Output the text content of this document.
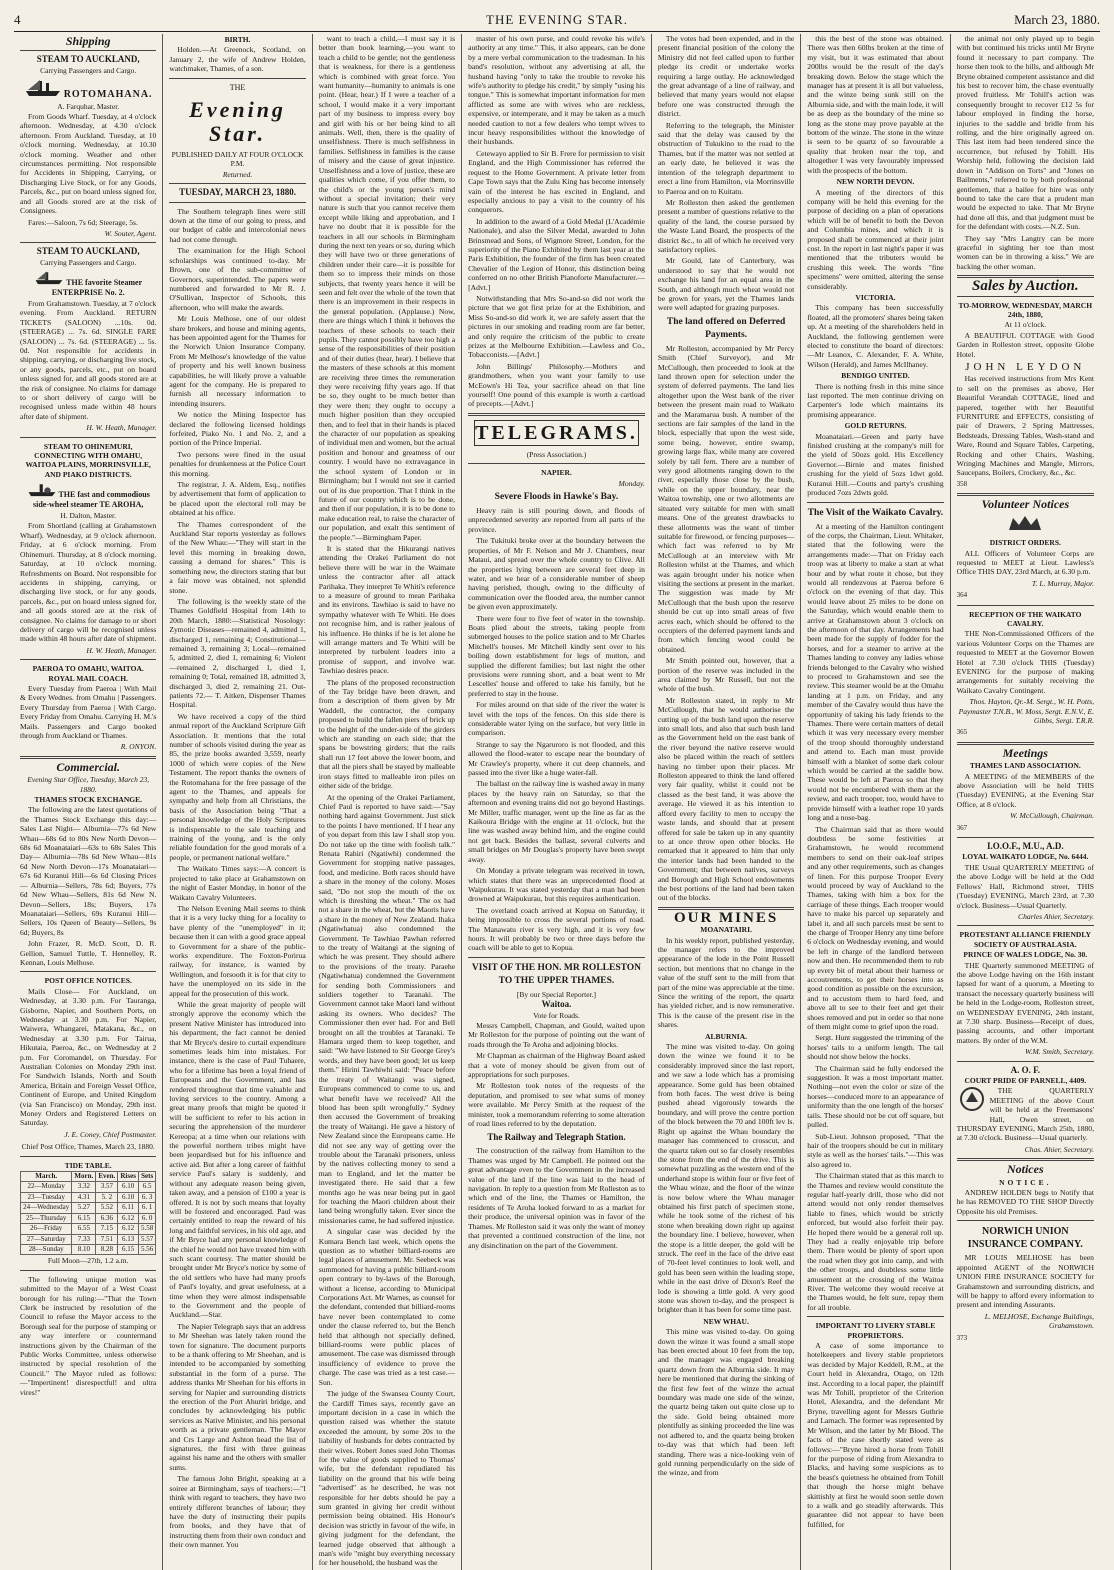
4	THE EVENING STAR.	March 23, 1880.
Shipping
STEAM TO AUCKLAND,
Carrying Passengers and Cargo.
ROTOMAHANA.
A. Farquhar, Master.

From Goods Wharf. Tuesday, at 4 o'clock afternoon. Wednesday, at 4.30 o'clock afternoon. From Auckland. Tuesday, at 10 o'clock morning. Wednesday, at 10.30 o'clock morning. Weather and other circumstances permitting. Not responsible for Accidents in Shipping, Carrying, or Discharging Live Stock, or for any Goods, Parcels, &c., put on board unless signed for, and all Goods stored are at the risk of Consignees.

Fares:—Saloon, 7s 6d; Steerage, 5s.

W. Souter, Agent.
STEAM TO AUCKLAND,
Carrying Passengers and Cargo.
THE favorite Steamer ENTERPRISE No. 2.

From Grahamstown. Tuesday, at 7 o'clock evening. From Auckland. RETURN TICKETS (SALOON) ...10s. 0d. (STEERAGE) ... 7s. 6d. SINGLE FARE (SALOON) ... 7s. 6d. (STEERAGE) ... 5s. 0d. Not responsible for accidents in shipping, carrying, or discharging live stock, or any goods, parcels, etc., put on board unless signed for, and all goods stored are at the risk of consignee. No claims for damage to or short delivery of cargo will be recognised unless made within 48 hours after date of shipment.

H. W. Heath, Manager.
STEAM TO OHINEMURI, CONNECTING WITH OMAHU, WAITOA PLAINS, MORRINSVILLE, AND PIAKO DISTRICTS.
THE fast and commodious side-wheel steamer TE AROHA,
H. Dalton, Master.

From Shortland (calling at Grahamstown Wharf). Wednesday, at 9 o'clock afternoon. Friday, at 6 o'clock morning. From Ohinemuri. Thursday, at 8 o'clock morning. Saturday, at 10 o'clock morning. Refreshments on Board. Not responsible for accidents in shipping, carrying, or discharging live stock, or for any goods, parcels, &c., put on board unless signed for, and all goods stored are at the risk of consignee. No claims for damage to or short delivery of cargo will be recognised unless made within 48 hours after date of shipment.

H. W. Heath, Manager.
PAEROA TO OMAHU, WAITOA. ROYAL MAIL COACH.

Every Tuesday from Paeroa | With Mail & Every Wednes. from Omahu | Passengers. Every Thursday from Paeroa | With Cargo. Every Friday from Omahu. Carrying H. M.'s Mails. Passengers and Cargo booked through from Auckland or Thames.

R. ONYON.
Commercial.
Evening Star Office, Tuesday, March 23, 1880.
THAMES STOCK EXCHANGE.

The following are the latest quotations of the Thames Stock Exchange this day:— Sales Last Night— Alburnia—77s 6d New Whau—68s 6d to 80s New North Devon—68s 6d Moanataiari—63s to 68s Sales This Day— Alburnia—78s 6d New Whau—81s 6d New North Devon—17s Moanataiari—67s 6d Kuranui Hill—6s 6d Closing Prices— Alburnia—Sellers, 78s 6d; Buyers, 77s 6d New Whau—Sellers, 81s 6d New N. Devon—Sellers, 18s; Buyers, 17s Moanataiari—Sellers, 69s Kuranui Hill—Sellers, 10s Queen of Beauty—Sellers, 9s 6d; Buyers, 8s

John Frazer, R. McD. Scott, D. R. Gellion, Samuel Tuttle, T. Hennelley, R. Kennan, Louis Melhose.

POST OFFICE NOTICES.

Mails Close— For Auckland, on Wednesday, at 3.30 p.m. For Tauranga, Gisborne, Napier, and Southern Ports, on Wednesday at 3.30 p.m. For Napier, Waiwera, Whangarei, Matakana, &c., on Wednesday at 3.30 p.m. For Tairua, Hikutaia, Paeroa, &c., on Wednesday at 2 p.m. For Coromandel, on Thursday. For Australian Colonies on Monday 29th inst. For Sandwich Islands, North and South America, Britain and Foreign Vessel Office, Continent of Europe, and United Kingdom (via San Francisco) on Monday, 29th inst. Money Orders and Registered Letters on Saturday.

J. E. Coney, Chief Postmaster.
Chief Post Office, Thames, March 23, 1880.
TIDE TABLE.
March.	Morn.	Even.	Rises	Sets
22—Monday	3.32	3.57	6.10	6.5
23—Tuesday	4.31	5. 2	6.10	6. 3
24—Wednesday	5.27	5.52	6.11	6. 1
25—Thursday	6.15	6.36	6.12	6. 0
26—Friday	6.55	7.15	6.12	5.58
27—Saturday	7.33	7.51	6.13	5.57
28—Sunday	8.10	8.28	6.15	5.56
Full Moon—27th, 1.2 a.m.

The following unique motion was submitted to the Mayor of a West Coast borough for his ruling:—"That the Town Clerk be instructed by resolution of the Council to refuse the Mayor access to the Borough seal for the purpose of stamping or any way interfere or countermand instructions given by the Chairman of the Public Works Committee, unless otherwise instructed by special resolution of the Council." The Mayor ruled as follows:—"Impertinent! disrespectful! and ultra vires!"

BIRTH.

Holden.—At Greenock, Scotland, on January 2, the wife of Andrew Holden, watchmaker, Thames, of a son.

THE
Evening Star.
PUBLISHED DAILY AT FOUR O'CLOCK P.M.
Returned.
TUESDAY, MARCH 23, 1880.

The Southern telegraph lines were still down at the time of our going to press, and our budget of cable and intercolonial news had not come through.

The examination for the High School scholarships was continued to-day. Mr Brown, one of the sub-committee of Governors, superintended. The papers were numbered and forwarded to Mr R. J. O'Sullivan, Inspector of Schools, this afternoon, who will make the awards.

Mr Louis Melhose, one of our oldest share brokers, and house and mining agents, has been appointed agent for the Thames for the Norwich Union Insurance Company. From Mr Melhose's knowledge of the value of property and his well known business capabilities, he will likely prove a valuable agent for the company. He is prepared to furnish all necessary information to intending insurers.

We notice the Mining Inspector has declared the following licensed holdings forfeited, Piako No. 1 and No. 2, and a portion of the Prince Imperial.

Two persons were fined in the usual penalties for drunkenness at the Police Court this morning.

The registrar, J. A. Aldem, Esq., notifies by advertisement that form of application to be placed upon the electoral roll may be obtained at his office.

The Thames correspondent of the Auckland Star reports yesterday as follows of the New Whau:—"They will start in the level this morning in breaking down, causing a demand for shares." This is something new, the directors stating that but a fair move was obtained, not splendid stone.

The following is the weekly state of the Thames Goldfield Hospital from 14th to 20th March, 1880:—Statistical Nosology: Zymotic Diseases—remained 4, admitted 1, discharged 1, remaining 4; Constitutional—remained 3, remaining 3; Local—remained 5, admitted 2, died 1, remaining 6; Violent—remained 2, discharged 1, died 1, remaining 0; Total, remained 18, admitted 3, discharged 3, died 2, remaining 21. Out-patients 72.— T. Aitken, Dispenser Thames Hospital.

We have received a copy of the third annual report of the Auckland Scripture Gift Association. It mentions that the total number of schools visited during the year as 85, the prize books awarded 3,559, nearly 1000 of which were copies of the New Testament. The report thanks the owners of the Rotomahana for the free passage of the agent to the Thames, and appeals for sympathy and help from all Christians, the basis of the Association being "That a personal knowledge of the Holy Scriptures is indispensable to the sale teaching and training of the young, and is the only reliable foundation for the good morals of a people, or permanent national welfare."

The Waikato Times says:—A concert is projected to take place at Grahamstown on the night of Easter Monday, in honor of the Waikato Cavalry Volunteers.

The Nelson Evening Mail seems to think that it is a very lucky thing for a locality to have plenty of the "unemployed" in it; because then it can with a good grace appeal to Government for a share of the public-works expenditure. The Foxton-Porirua railway, for instance, is wanted by Wellington, and forsooth it is for that city to have the unemployed on its side in the appeal for the prosecution of this work.

While the great majority of people will strongly approve the economy which the present Native Minister has introduced into his department, the fact cannot be denied that Mr Bryce's desire to curtail expenditure sometimes leads him into mistakes. For instance, there is the case of Paul Tuhaere, who for a lifetime has been a loyal friend of Europeans and the Government, and has rendered throughout that time valuable and loving services to the country. Among a great many proofs that might be quoted it will be sufficient to refer to his action in securing the apprehension of the murderer Kereopa; at a time when our relations with the powerful northern tribes might have been jeopardised but for his influence and active aid. But after a long career of faithful service Paul's salary is suddenly, and without any adequate reason being given, taken away, and a pension of £100 a year is offered. It is not by such means that loyalty will be fostered and encouraged. Paul was certainly entitled to reap the reward of his long and faithful services, in his old age, and if Mr Bryce had any personal knowledge of the chief he would not have treated him with such scant courtesy. The matter should be brought under Mr Bryce's notice by some of the old settlers who have had many proofs of Paul's loyalty, and great usefulness, at a time when they were almost indispensable to the Government and the people of Auckland.—Star.

The Napier Telegraph says that an address to Mr Sheehan was lately taken round the town for signature. The document purports to be a thank offering to Mr Sheehan, and is intended to be accompanied by something substantial in the form of a purse. The address thanks Mr Sheehan for his efforts in serving for Napier and surrounding districts the erection of the Port Ahuriri bridge, and concludes by acknowledging his public services as Native Minister, and his personal worth as a private gentleman. The Mayor and Crs Large and Ashton head the list of signatures, the first with three guineas against his name and the others with smaller sums.

The famous John Bright, speaking at a soiree at Birmingham, says of teachers:—"I think with regard to teachers, they have two entirely different branches of labour; they have the duty of instructing their pupils from books, and they have that of instructing them from their own conduct and their own manner. You

want to teach a child,—I must say it is better than book learning,—you want to teach a child to be gentle; not the gentleness that is weakness, for there is a gentleness which is combined with great force. You want humanity—humanity to animals is one point. (Hear, hear.) If I were a teacher of a school, I would make it a very important part of my business to impress every boy and girl with his or her being kind to all animals. Well, then, there is the quality of unselfishness. There is much selfishness in families. Selfishness in families is the cause of misery and the cause of great injustice. Unselfishness and a love of justice, these are qualities which come, if you offer them, to the child's or the young person's mind without a special invitation; their very nature is such that you cannot receive them except while liking and approbation, and I have no doubt that it is possible for the teachers in all our schools in Birmingham during the next ten years or so, during which they will have two or three generations of children under their care—it is possible for them so to impress their minds on those subjects, that twenty years hence it will be seen and felt over the whole of the town that there is an improvement in their respects in the general population. (Applause.) Now, there are things which I think it behoves the teachers of these schools to teach their pupils. They cannot possibly have too high a sense of the responsibilities of their position and of their duties (hear, hear). I believe that the masters of these schools at this moment are receiving three times the remuneration they were receiving fifty years ago. If that be so, they ought to be much better than they were then; they ought to occupy a much higher position than they occupied then, and to feel that in their hands is placed the character of our population as speaking of individual men and women, but the actual position and honour and greatness of our country. I would have no extravagance in the school system of London or in Birmingham; but I would not see it carried out of its due proportion. That I think in the future of our country which is to be done, and then if our population, it is to be done to make education real, to raise the character of our population, and exalt this sentiment of the people."—Birmingham Paper.

It is stated that the Hikurangi natives attending the Orakei Parliament do not believe there will be war in the Waimate unless the contractor after all attack Parihaka. They interpret Te Whiti's reference to a measure of ground to mean Parihaka and its environs. Tawhiao is said to have no sympathy whatever with Te Whiti. He does not recognise him, and is rather jealous of his influence. He thinks if he is let alone he will arrange matters and Te Whiti will be interpreted by turbulent leaders into a promise of support, and involve war. Tawhiao desires peace.

The plans of the proposed reconstruction of the Tay bridge have been drawn, and from a description of them given by Mr Waddell, the contractor, the company proposed to build the fallen piers of brick up to the height of the under-side of the girders which are standing on each side; that the spans be bowstring girders; that the rails shall run 17 feet above the lower boom, and that all the piers shall be stayed by malleable iron stays fitted to malleable iron piles on either side of the bridge.

At the opening of the Orakei Parliament, Chief Paul is reported to have said:—"Say nothing hard against Government. Just stick to the points I have mentioned. If I hear any of you depart from this law I shall stop you. Do not take up the time with foolish talk." Renata Rahiri (Ngatiwhi) condemned the Government for stopping native passages, food, and medicine. Both races should have a share in the money of the colony. Moses said, "Do not stop the mouth of the ox which is threshing the wheat." The ox had not a share in the wheat, but the Maoris have a share in the money of New Zealand. Ihaka (Ngatiwhatua) also condemned the Government. Te Tawhiao Pawhan referred to the treaty of Waitangi at the signing of which he was present. They should adhere to the provisions of the treaty. Paraehe (Ngatiwhatua) condemned the Government for sending both Commissioners and soldiers together to Taranaki. The Government cannot take Maori land without asking its owners. Who decides? The Commissioner then ever had. For and Bell brought on all the troubles at Taranaki. Te Hamara urged them to keep together, and said: "We have listened to Sir George Grey's words, and they have been good; let us keep them." Hirini Tawhiwhi said: "Peace before the treaty of Waitangi was signed, Europeans commenced to come to us, and what benefit have we received? All the blood has been spilt wrongfully." Sydney then accused the Government of breaking the treaty of Waitangi. He gave a history of New Zealand since the Europeans came. He did not see any way of getting over the trouble about the Taranaki prisoners, unless by the natives collecting money to send a man to England, and let the matter be investigated there. He said that a few months ago he was near being put in gaol for teaching the Maori children about their land being wrongfully taken. Ever since the missionaries came, he had suffered injustice.

A singular case was decided by the Kumara Bench last week, which opens the question as to whether billiard-rooms are legal places of amusement. Mr. Seebeck was summoned for having a public billiard-room open contrary to by-laws of the Borough, without a license, according to Municipal Corporations Act. Mr Warnes, as counsel for the defendant, contended that billiard-rooms have never been contemplated to come under the clause referred to, but the Bench held that although not specially defined, billiard-rooms were public places of amusement. The case was dismissed through insufficiency of evidence to prove the charge. The case was tried as a test case.—Sun.

The judge of the Swansea County Court, the Cardiff Times says, recently gave an important decision in a case in which the question raised was whether the statute exceeded the amount, by some 20s to the liability of husbands for debts contracted by their wives. Robert Jones sued John Thomas for the value of goods supplied to Thomas' wife, but the defendant repudiated his liability on the ground that his wife being "advertised" as he described, he was not responsible for her debts should he pay a sum granted in giving her credit without permission being obtained. His Honour's decision was strictly in favour of the wife, in giving judgment for the defendant, the learned judge observed that although a man's wife "might buy everything necessary for her household, the husband was the

master of his own purse, and could revoke his wife's authority at any time." This, it also appears, can be done by a mere verbal communication to the tradesman. In his band's resolution, without any advertising at all, the husband having "only to take the trouble to revoke his wife's authority to pledge his credit," by simply "using his tongue." This is somewhat important information for men afflicted as some are with wives who are reckless, expensive, or intemperate, and it may be taken as a much needed caution to not a few dealers who tempt wives to incur heavy responsibilities without the knowledge of their husbands.

Cetewayo applied to Sir B. Frere for permission to visit England, and the High Commissioner has referred the request to the Home Government. A private letter from Cape Town says that the Zulu King has become intensely vain of the interest he has excited in England, and especially anxious to pay a visit to the country of his conquerors.

In addition to the award of a Gold Medal (L'Académie Nationale), and also the Silver Medal, awarded to John Brinsmead and Sons, of Wigmore Street, London, for the superiority of the Piano Exhibited by them last year at the Paris Exhibition, the founder of the firm has been created Chevalier of the Legion of Honor, this distinction being conferred on no other British Pianoforte Manufacturer.—[Advt.]

Notwithstanding that Mrs So-and-so did not work the picture that we got first prize for at the Exhibition, and Miss So-and-so did work it, we are safely assert that the pictures in our smoking and reading room are far better, and only require the criticism of the public to create prizes at the Melbourne Exhibition.—Lawless and Co., Tobacconists.—[Advt.]

John Billings' Philosophy.—Mothers and grandmothers, when you want your family to use McEown's Hi Tea, your sacrifice ahead on that line yourself! One pound of this example is worth a cartload of precepts.—[Advt.]

TELEGRAMS.
(Press Association.)
NAPIER.
Monday.
Severe Floods in Hawke's Bay.

Heavy rain is still pouring down, and floods of unprecedented severity are reported from all parts of the province.

The Tukituki broke over at the boundary between the properties, of Mr F. Nelson and Mr J. Chambers, near Mataui, and spread over the whole country to Clive. All the properties lying between are several feet deep in water, and we hear of a considerable number of sheep having perished, though, owing to the difficulty of communication over the flooded area, the number cannot be given even approximately.

There were four to five feet of water in the township. Boats plied about the streets, taking people from submerged houses to the police station and to Mr Charles Mitchell's houses. Mr Mitchell kindly sent over to his boiling down establishment for legs of mutton, and supplied the different families; but last night the other provisions were running short, and a boat went to Mr Lescelles' house and offered to take his family, but he preferred to stay in the house.

For miles around on that side of the river the water is level with the tops of the fences. On this side there is considerable water lying on the surface, but very little in comparison.

Strange to say the Ngaruroro is not flooded, and this allowed the flood-water to escape near the boundary of Mr Crawley's property, where it cut deep channels, and passed into the river like a huge water-fall.

The ballast on the railway line is washed away in many places by the heavy rain on Saturday, so that the afternoon and evening trains did not go beyond Hastings. Mr Miller, traffic manager, went up the line as far as the Kaikoura Bridge with the engine at 11 o'clock, but the line was washed away behind him, and the engine could not get back. Besides the ballast, several culverts and small bridges on Mr Douglas's property have been swept away.

On Monday a private telegram was received in town, which states that there was an unprecedented flood at Waipukurau. It was stated yesterday that a man had been drowned at Waipukurau, but this requires authentication.

The overland coach arrived at Kopua on Saturday, it being impossible to cross the several portions of road. The Manawatu river is very high, and it is very few hours. It will probably be two or three days before the coach will be able to get to Kopua.

VISIT OF THE HON. MR ROLLESTON TO THE UPPER THAMES.
[By our Special Reporter.]
Waitoa.
Vote for Roads.

Messrs Campbell, Chapman, and Gould, waited upon Mr Rolleston for the purpose of pointing out the want of roads through the Te Aroha and adjoining blocks.

Mr Chapman as chairman of the Highway Board asked that a vote of money should be given from out of appropriations for such purposes.

Mr Rolleston took notes of the requests of the deputation, and promised to see what sums of money were available. Mr Percy Smith at the request of the minister, took a memorandum referring to some alteration of road lines referred to by the deputation.

The Railway and Telegraph Station.

The construction of the railway from Hamilton to the Thames was urged by Mr Campbell. He pointed out the great advantage even to the Government in the increased value of the land if the line was laid to the head of navigation. In reply to a question from Mr Rolleston as to which end of the line, the Thames or Hamilton, the residents of Te Aroha looked forward to as a market for their produce, the universal opinion was in favor of the Thames. Mr Rolleston said it was only the want of money that prevented a continued construction of the line, not any disinclination on the part of the Government.

The votes had been expended, and in the present financial position of the colony the Ministry did not feel called upon to further pledge its credit or undertake works requiring a large outlay. He acknowledged the great advantage of a line of railway, and believed that many years would not elapse before one was constructed through the district.

Referring to the telegraph, the Minister said that the delay was caused by the obstruction of Tukukino to the road to the Thames, but if the matter was not settled at an early date, he believed it was the intention of the telegraph department to erect a line from Hamilton, via Morrinsville to Paeroa and on to Kuitatu.

Mr Rolleston then asked the gentlemen present a number of questions relative to the quality of the land, the course pursued by the Waste Land Board, the prospects of the district &c., to all of which he received very satisfactory replies.

Mr Gould, late of Canterbury, was understood to say that he would not exchange his land for an equal area in the South, and although much wheat would not be grown for years, yet the Thames lands were well adapted for grazing purposes.

The land offered on Deferred Payments.

Mr Rolleston, accompanied by Mr Percy Smith (Chief Surveyor), and Mr McCullough, then proceeded to look at the land thrown open for selection under the system of deferred payments. The land lies altogether upon the West bank of the river between the present main road to Waikato and the Maramarua bush. A number of the sections are fair samples of the land in the block, especially that upon the west side, some being, however, entire swamp, growing large flax, while many are covered solely by tall fern. There are a number of very good allotments ranging down to the river, especially those close by the bush, while on the upper boundary, near the Waitoa township, one or two allotments are situated very suitable for men with small means. One of the greatest drawbacks to these allotments was the want of timber suitable for firewood, or fencing purposes—which fact was referred to by Mr McCullough at an interview with Mr Rolleston whilst at the Thames, and which was again brought under his notice when visiting the sections at present in the market. The suggestion was made by Mr McCullough that the bush upon the reserve should be cut up into small areas of five acres each, which should be offered to the occupiers of the deferred payment lands and from which fencing wood could be obtained.

Mr Smith pointed out, however, that a portion of the reserve was included in the area claimed by Mr Russell, but not the whole of the bush.

Mr Rolleston stated, in reply to Mr McCullough, that he would authorise the cutting up of the bush land upon the reserve into small lots, and also that such bush land as the Government held on the east bank of the river beyond the native reserve would also be placed within the reach of settlers having no timber upon their places. Mr Rolleston appeared to think the land offered very fair quality, whilst it could not be classed as the best land, it was above the average. He viewed it as his intention to afford every facility to men to occupy the waste lands, and should that at present offered for sale be taken up in any quantity to at once throw open other blocks. He remarked that it appeared to him that only the interior lands had been handed to the Government; that between natives, surveys and Borough and High School endowments the best portions of the land had been taken out of the blocks.

OUR MINES
MOANATAIRI.

In his weekly report, published yesterday, the manager refers to the improved appearance of the lode in the Point Russell section, but mentions that no change in the value of the stuff sent to the mill from that part of the mine was appreciable at the time. Since the writing of the report, the quartz has yielded richer, and is now remunerative. This is the cause of the present rise in the shares.

ALBURNIA.

The mine was visited to-day. On going down the winze we found it to be considerably improved since the last report, and we saw a lode which has a promising appearance. Some gold has been obtained from both faces. The west drive is being pushed ahead vigorously towards the boundary, and will prove the centre portion of the block between the 70 and 100ft lev ls. Right up against the Whau boundary the manager has commenced to crosscut, and the quartz taken out so far closely resembles the stone from the end of the drive. This is somewhat puzzling as the western end of the underhand stope is within four or five feet of the Whau winze, and the floor of the winze is now below where the Whau manager obtained his first patch of specimen stone, while he took some of the richest of his stone when breaking down right up against the boundary line. I believe, however, when the stope is a little deeper, the gold will be struck. The reef in the face of the drive east of 70-feet level continues to look well, and gold has been seen within the leading stope, while in the east drive of Dixon's Reef the lode is showing a little gold. A very good stone was shown to-day, and the prospect is brighter than it has been for some time past.

NEW WHAU.

This mine was visited to-day. On going down the winze it was found a small stope has been erected about 10 feet from the top, and the manager was engaged breaking quartz down from the Alburnia side. It may here be mentioned that during the sinking of the first few feet of the winze the actual boundary was made one side of the winze, the quartz being taken out quite close up to the side. Gold being obtained more plentifully as sinking proceeded the line was not adhered to, and the quartz being broken to-day was that which had been left standing. There was a nice-looking vein of gold running perpendicularly on the side of the winze, and from

this the best of the stone was obtained. There was then 60lbs broken at the time of my visit, but it was estimated that about 200lbs would be the result of the day's breaking down. Below the stage which the manager has at present it is all but valueless, and the winze being sunk still on the Alburnia side, and with the main lode, it will be as deep as the boundary of the mine so long as the stone may prove payable at the bottom of the winze. The stone in the winze is seen to be quartz of so favourable a quality that broken near the top, and altogether I was very favourably impressed with the prospects of the bottom.

NEW NORTH DEVON.

A meeting of the directors of this company will be held this evening for the purpose of deciding on a plan of operations which will be of benefit to both the Devon and Columbia mines, and which it is proposed shall be commenced at their joint cost. In the report in last night's paper it was mentioned that the tributers would be crushing this week. The words "fine specimens" were omitted, altering the sense considerably.

VICTORIA.

This company has been successfully floated, all the promoters' shares being taken up. At a meeting of the shareholders held in Auckland, the following gentlemen were elected to constitute the board of directors:—Mr Leanox, C. Alexander, F. A. White, Wilson (Herald), and James McIlhaney.

BENDIGO UNITED.

There is nothing fresh in this mine since last reported. The men continue driving on Carpenter's lode which maintains its promising appearance.

GOLD RETURNS.

Moanataiari.—Green and party have finished crushing at the company's mill for the yield of 50ozs gold. His Excellency Governor.—Birnie and mates finished crushing for the yield of 5ozs 1dwt gold. Kuranui Hill.—Coutts and party's crushing produced 7ozs 2dwts gold.

The Visit of the Waikato Cavalry.

At a meeting of the Hamilton contingent of the corps, the Chairman, Lieut. Whitaker, stated that the following were the arrangements made:—That on Friday each troop was at liberty to make a start at what hour and by what route it chose, but they would all rendezvous at Paeroa before 6 o'clock on the evening of that day. This would leave about 25 miles to be done on the Saturday, which would enable them to arrive at Grahamstown about 3 o'clock on the afternoon of that day. Arrangements had been made for the supply of fodder for the horses, and for a steamer to arrive at the Thames landing to convey any ladies whose friends belonged to the Cavalry who wished to proceed to Grahamstown and see the review. This steamer would be at the Omahu landing at 1 p.m. on Friday, and any member of the Cavalry would thus have the opportunity of taking his lady friends to the Thames. There were certain matters of detail which it was very necessary every member of the troop should thoroughly understand and attend to. Each man must provide himself with a blanket of some dark colour which would be carried at the saddle bow. These would be left at Paeroa so that they would not be encumbered with them at the review, and each trooper, too, would have to provide himself with a leather rope 10 yards long and a nose-bag.

The Chairman said that as there would doubtless be some festivities at Grahamstown, he would recommend members to send on their oak-leaf stripes and any other requirements, such as changes of linen. For this purpose Trooper Every would proceed by way of Auckland to the Thames, taking with him a box for the carriage of these things. Each trooper would have to make his parcel up separately and label it, and all such parcels must be sent to the charge of Trooper Henry any time before 6 o'clock on Wednesday evening, and would be left in charge of the landlord between now and then. He recommended them to rub up every bit of metal about their harness or accoutrements, to get their horses into as good condition as possible on the excursion, and to accustom them to hard feed, and above all to see to their feet and get their shoes removed and put in order so that none of them might come to grief upon the road.

Sergt. Hunt suggested the trimming of the horses' tails to a uniform length. The tail should not show below the hocks.

The Chairman said he fully endorsed the suggestion. It was a most important matter. Nothing—not even the color or size of the horses—conduced more to an appearance of uniformity than the one length of the horses' tails. These should not be cut off square, but pulled.

Sub-Lieut. Johnson proposed, "That the hair of the troopers should be cut in military style as well as the horses' tails."—This was also agreed to.

The Chairman stated that as this march to the Thames and review would constitute the regular half-yearly drill, those who did not attend would not only render themselves liable to fines, which would be strictly enforced, but would also forfeit their pay. He hoped there would be a general roll up. They had a really enjoyable trip before them. There would be plenty of sport upon the road when they got into camp, and with the other troops, and doubtless some little amusement at the crossing of the Waitoa River. The welcome they would receive at the Thames would, he felt sure, repay them for all trouble.

IMPORTANT TO LIVERY STABLE PROPRIETORS.

A case of some importance to hotelkeepers and livery stable proprietors was decided by Major Keddell, R.M., at the Court held in Alexandra, Otago, on 12th inst. According to a local paper, the plaintiff was Mr Tohill, proprietor of the Criterion Hotel, Alexandra, and the defendant Mr Bryne, travelling agent for Messrs Guthrie and Larnach. The former was represented by Mr Wilson, and the latter by Mr Blood. The facts of the case shortly stated were as follows:—"Bryne hired a horse from Tohill for the purpose of riding from Alexandra to Blacks, and having some suspicions as to the beast's quietness he obtained from Tohill that though the horse might behave skittishly at first he would soon settle down to a walk and go steadily afterwards. This guarantee did not appear to have been fulfilled, for

the animal not only played up to begin with but continued his tricks until Mr Bryne found it necessary to part company. The horse then took to the hills, and although Mr Bryne obtained competent assistance and did his best to recover him, the chase eventually proved fruitless. Mr Tohill's action was consequently brought to recover £12 5s for labour employed in finding the horse, injuries to the saddle and bridle from his rolling, and the hire originally agreed on. This last item had been tendered since the occurrence, but refused by Tohill. His Worship held, following the decision laid down in "Addison on Torts" and "Jones on Bailments," referred to by both professional gentlemen, that a bailee for hire was only bound to take the care that a prudent man would be expected to take. That Mr Bryne had done all this, and that judgment must be for the defendant with costs.—N.Z. Sun.

They say "Mrs Langtry can be more graceful in sighting her toe than most women can be in throwing a kiss." We are backing the other woman.

Sales by Auction.
TO-MORROW, WEDNESDAY, MARCH 24th, 1880,
At 11 o'clock.

A BEAUTIFUL COTTAGE with Good Garden in Rolleston street, opposite Globe Hotel.

JOHN LEYDON

Has received instructions from Mrs Kent to sell on the premises as above, Her Beautiful Verandah COTTAGE, lined and papered, together with her Beautiful FURNITURE and EFFECTS, consisting of pair of Drawers, 2 Spring Mattresses, Bedsteads, Dressing Tables, Wash-stand and Ware, Round and Square Tables, Carpeting, Rocking and other Chairs, Washing, Wringing Machines and Mangle, Mirrors, Saucepans, Boilers, Crockery, &c., &c.

358
Volunteer Notices
DISTRICT ORDERS.

ALL Officers of Volunteer Corps are requested to MEET at Lieut. Lawless's Office THIS DAY, 23rd March, at 6.30 p.m.

T. L. Murray, Major.
364
RECEPTION OF THE WAIKATO CAVALRY.

THE Non-Commissioned Officers of the various Volunteer Corps on the Thames are requested to MEET at the Governor Bowen Hotel at 7.30 o'clock THIS (Tuesday) EVENING for the purpose of making arrangements for suitably receiving the Waikato Cavalry Contingent.

Thos. Hayton, Qr.-M. Sergt., W. H. Potts, Paymaster T.N.B., W. Moss, Sergt. E.N.V., E. Gibbs, Sergt. T.R.R.
365
Meetings
THAMES LAND ASSOCIATION.

A MEETING of the MEMBERS of the above Association will be held THIS (Tuesday) EVENING, at the Evening Star Office, at 8 o'clock.

W. McCullough, Chairman.
367
I.O.O.F., M.U., A.D.
LOYAL WAIKATO LODGE, No. 6444.

THE Usual QUARTERLY MEETING of the above Lodge will be held at the Odd Fellows' Hall, Richmond street, THIS (Tuesday) EVENING, March 23rd, at 7.30 o'clock. Business—Usual Quarterly.

Charles Ahier, Secretary.
PROTESTANT ALLIANCE FRIENDLY SOCIETY OF AUSTRALASIA.
PRINCE OF WALES LODGE, No. 30.

THE Quarterly summoned MEETING of the above Lodge having on the 16th instant lapsed for want of a quorum, a Meeting to transact the necessary quarterly business will be held in the Lodge-room, Rolleston street, on WEDNESDAY EVENING, 24th instant, at 7.30 sharp. Business—Receipt of dues, passing accounts, and other important matters. By order of the W.M.

W.M. Smith, Secretary.
A. O. F.
COURT PRIDE OF PARNELL, 4409.

THE QUARTERLY MEETING of the above Court will be held at the Freemasons' Hall, Owen street, on THURSDAY EVENING, March 25th, 1880, at 7.30 o'clock. Business—Usual quarterly.

Chas. Ahier, Secretary.
Notices
NOTICE.

ANDREW HOLDEN begs to Notify that he has REMOVED TO THE SHOP Directly Opposite his old Premises.

NORWICH UNION INSURANCE COMPANY.

MR LOUIS MELHOSE has been appointed AGENT of the NORWICH UNION FIRE INSURANCE SOCIETY for Grahamstown and surrounding districts, and will be happy to afford every information to present and intending Assurants.

L. MELHOSE, Exchange Buildings, Grahamstown.
373
